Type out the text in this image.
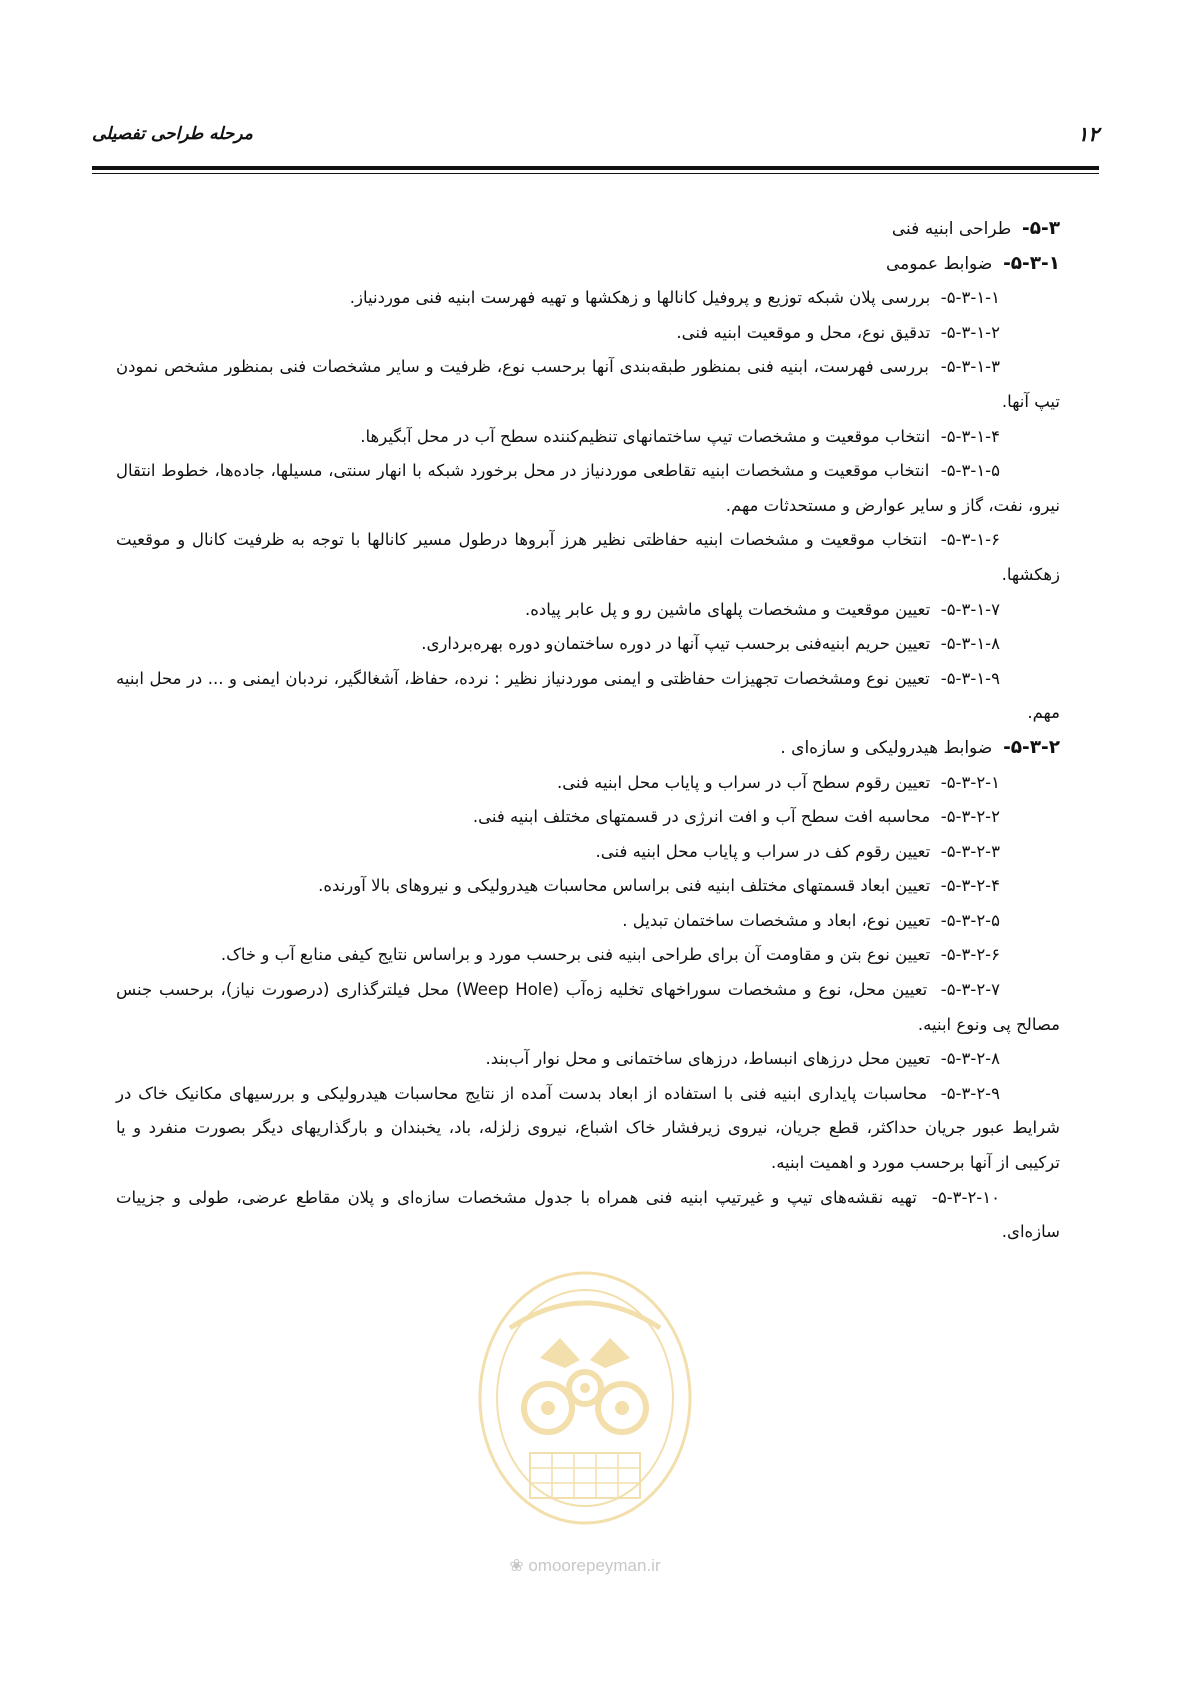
۱۲
مرحله طراحی تفصیلی

۵-۳-  طراحی ابنیه فنی

۵-۳-۱-  ضوابط عمومی

۵-۳-۱-۱-  بررسی پلان شبکه توزیع و پروفیل کانالها و زهکشها و تهیه فهرست ابنیه فنی موردنیاز.

۵-۳-۱-۲-  تدقیق نوع، محل و موقعیت ابنیه فنی.

۵-۳-۱-۳-  بررسی فهرست، ابنیه فنی بمنظور طبقه‌بندی آنها برحسب نوع، ظرفیت و سایر مشخصات فنی بمنظور مشخص نمودن تیپ آنها.

۵-۳-۱-۴-  انتخاب موقعیت و مشخصات تیپ ساختمانهای تنظیم‌کننده سطح آب در محل آبگیرها.

۵-۳-۱-۵-  انتخاب موقعیت و مشخصات ابنیه تقاطعی موردنیاز در محل برخورد شبکه با انهار سنتی، مسیلها، جاده‌ها، خطوط انتقال نیرو، نفت، گاز و سایر عوارض و مستحدثات مهم.

۵-۳-۱-۶-  انتخاب موقعیت و مشخصات ابنیه حفاظتی نظیر هرز آبروها درطول مسیر کانالها با توجه به ظرفیت کانال و موقعیت زهکشها.

۵-۳-۱-۷-  تعیین موقعیت و مشخصات پلهای ماشین رو و پل عابر پیاده.

۵-۳-۱-۸-  تعیین حریم ابنیه‌فنی برحسب تیپ آنها در دوره ساختمان‌و دوره بهره‌برداری.

۵-۳-۱-۹-  تعیین نوع ومشخصات تجهیزات حفاظتی و ایمنی موردنیاز نظیر : نرده، حفاظ، آشغالگیر، نردبان ایمنی و ... در محل ابنیه مهم.

۵-۳-۲-  ضوابط هیدرولیکی و سازه‌ای .

۵-۳-۲-۱-  تعیین رقوم سطح آب در سراب و پایاب محل ابنیه فنی.

۵-۳-۲-۲-  محاسبه افت سطح آب و افت انرژی در قسمتهای مختلف ابنیه فنی.

۵-۳-۲-۳-  تعیین رقوم کف در سراب و پایاب محل ابنیه فنی.

۵-۳-۲-۴-  تعیین ابعاد قسمتهای مختلف ابنیه فنی براساس محاسبات هیدرولیکی و نیروهای بالا آورنده.

۵-۳-۲-۵-  تعیین نوع، ابعاد و مشخصات ساختمان تبدیل .

۵-۳-۲-۶-  تعیین نوع بتن و مقاومت آن برای طراحی ابنیه فنی برحسب مورد و براساس نتایج کیفی منابع آب و خاک.

۵-۳-۲-۷-  تعیین محل، نوع و مشخصات سوراخهای تخلیه زه‌آب (Weep Hole) محل فیلترگذاری (درصورت نیاز)، برحسب جنس مصالح پی ونوع ابنیه.

۵-۳-۲-۸-  تعیین محل درزهای انبساط، درزهای ساختمانی و محل نوار آب‌بند.

۵-۳-۲-۹-  محاسبات پایداری ابنیه فنی با استفاده از ابعاد بدست آمده از نتایج محاسبات هیدرولیکی و بررسیهای مکانیک خاک در شرایط عبور جریان حداکثر، قطع جریان، نیروی زیرفشار خاک اشباع، نیروی زلزله، باد، یخبندان و بارگذاریهای دیگر بصورت منفرد و یا ترکیبی از آنها برحسب مورد و اهمیت ابنیه.

۵-۳-۲-۱۰-  تهیه نقشه‌های تیپ و غیرتیپ ابنیه فنی همراه با جدول مشخصات سازه‌ای و پلان مقاطع عرضی، طولی و جزییات سازه‌ای.

❀ omoorepeyman.ir
